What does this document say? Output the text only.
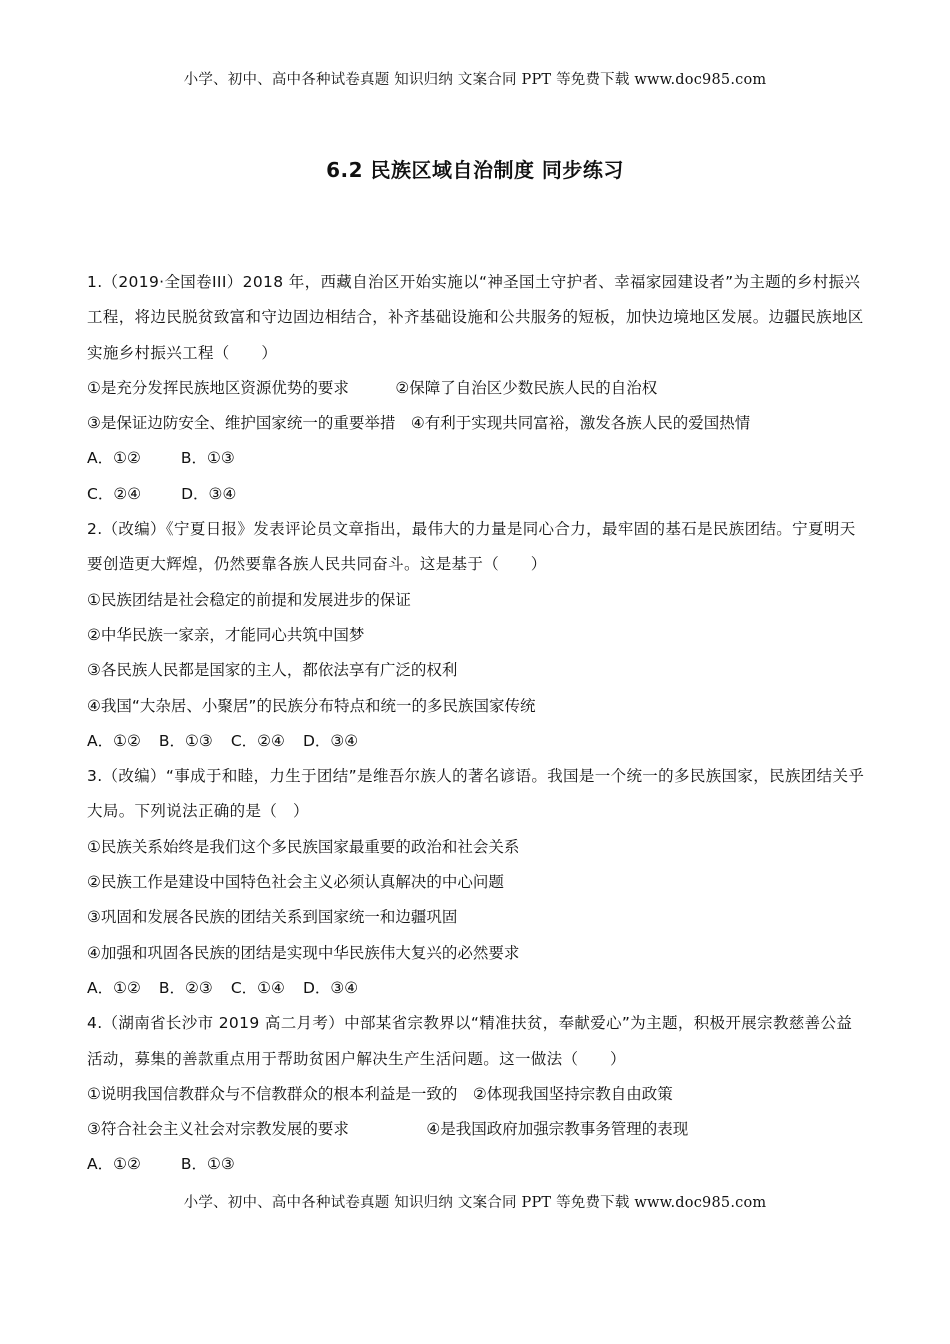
小学、初中、高中各种试卷真题 知识归纳 文案合同 PPT 等免费下载 www.doc985.com
6.2 民族区域自治制度 同步练习
1.（2019·全国卷III）2018 年，西藏自治区开始实施以“神圣国土守护者、幸福家园建设者”为主题的乡村振兴工程，将边民脱贫致富和守边固边相结合，补齐基础设施和公共服务的短板，加快边境地区发展。边疆民族地区实施乡村振兴工程（　　）
①是充分发挥民族地区资源优势的要求　　　②保障了自治区少数民族人民的自治权
③是保证边防安全、维护国家统一的重要举措　④有利于实现共同富裕，激发各族人民的爱国热情
A．①②	B．①③
C．②④	D．③④
2.（改编）《宁夏日报》发表评论员文章指出，最伟大的力量是同心合力，最牢固的基石是民族团结。宁夏明天要创造更大辉煌，仍然要靠各族人民共同奋斗。这是基于（　　）
①民族团结是社会稳定的前提和发展进步的保证
②中华民族一家亲，才能同心共筑中国梦
③各民族人民都是国家的主人，都依法享有广泛的权利
④我国“大杂居、小聚居”的民族分布特点和统一的多民族国家传统
A．①② B．①③ C．②④ D．③④
3.（改编）“事成于和睦，力生于团结”是维吾尔族人的著名谚语。我国是一个统一的多民族国家，民族团结关乎大局。下列说法正确的是（　）
①民族关系始终是我们这个多民族国家最重要的政治和社会关系
②民族工作是建设中国特色社会主义必须认真解决的中心问题
③巩固和发展各民族的团结关系到国家统一和边疆巩固
④加强和巩固各民族的团结是实现中华民族伟大复兴的必然要求
A．①② B．②③ C．①④ D．③④
4.（湖南省长沙市 2019 高二月考）中部某省宗教界以“精准扶贫，奉献爱心”为主题，积极开展宗教慈善公益活动，募集的善款重点用于帮助贫困户解决生产生活问题。这一做法（　　）
①说明我国信教群众与不信教群众的根本利益是一致的　②体现我国坚持宗教自由政策
③符合社会主义社会对宗教发展的要求　　　　　④是我国政府加强宗教事务管理的表现
A．①②	B．①③
小学、初中、高中各种试卷真题 知识归纳 文案合同 PPT 等免费下载 www.doc985.com
